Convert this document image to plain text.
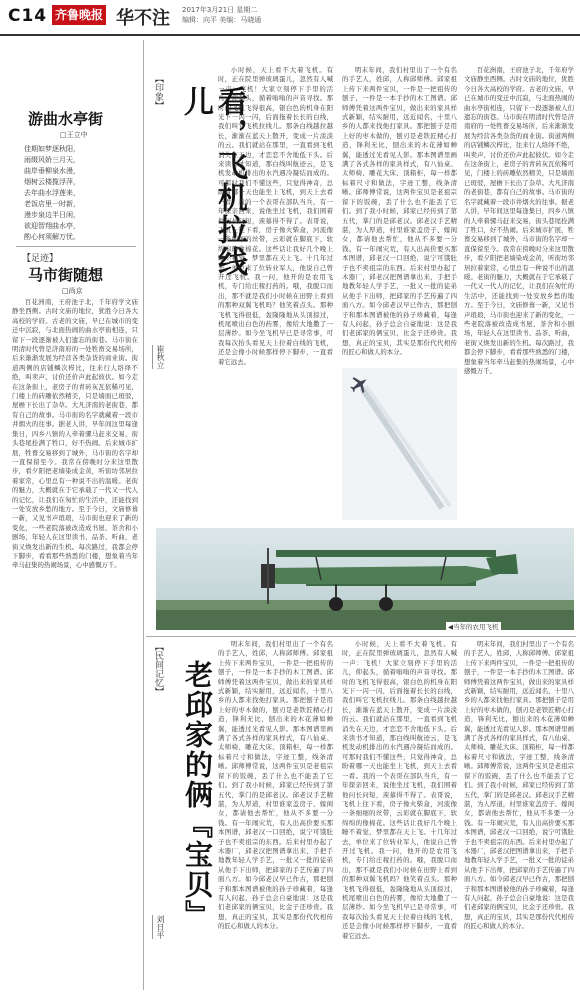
C14 齐鲁晚报 华不注 2017年3月21日 星期二
编辑：向平 美编：马晓通
游曲水亭街
□王立中
佳期如梦逐秋阳，
雨缀风娇三月天，
曲岸垂柳泉水漫，
烟树云楼揽浮萍，
去年曲水浮莲来，
老饭店里一时新，
漫步泉边半日闲，
欲迎智翔曲水亭，
酌心何须解万忧。
【足迹】
马市街随想
□尚京

百花洲南，王府池子北，千年府学文庙静坐西侧。古时文庙的地位，犹胜今日各大高校的学府。古老的文庙，早已在城市的变迁中沉寂，与北面热闹的曲水亭街相连，只留下一段逐渐被人们遗忘的街巷。马市街在明清时代曾是济南府的一处牲畜交易场所，后来渐渐发展为经营各类杂货的商业街。街道两侧的店铺鳞次栉比，往来行人络绎不绝，叫卖声、讨价还价声此起彼伏。如今走在这条街上，老房子的青砖灰瓦依稀可见，门楼上的砖雕依然精美，只是墙面已斑驳，屋檐下长出了杂草。大凡济南的老街巷，都有自己的故事。马市街的名字就藏着一段市井烟火的往事。据老人讲，早年间这里每逢集日，四乡八镇的人牵着骡马赶来交易，街头巷尾拴满了牲口，好不热闹。后来城市扩展，牲畜交易移到了城外，马市街的名字却一直保留至今。我常在傍晚时分来这里散步，看夕阳把老墙染成金黄，听街坊邻居拉着家常，心里总有一种说不出的温暖。老街的魅力，大概就在于它承载了一代又一代人的记忆，让我们在匆忙的生活中，还能找到一处安放乡愁的地方。至于今日，文庙修葺一新，又见书声琅琅，马市街也迎来了新的变化，一些老院落被改造成书屋、茶舍和小剧场，年轻人在这里读书、品茶、听曲，老街又焕发出新的生机。每次路过，我都会停下脚步，看看那些熟悉的门楼，想象着当年牵马赶集的热闹场景，心中感慨万千。

【印象】	看，飞机拉线儿
崔秋立

小时候，天上看不大着飞机。有时，正在院里弹玻璃蛋儿，忽然有人喊一声：飞机！大家立刻停下手里的活儿，仰起头，循着嗡嗡的声音寻找。那时的飞机飞得很高，银白色的机身在阳光下一闪一闪，后面拖着长长的白线，我们叫它飞机拉线儿。那条白线越拉越长，渐渐在蓝天上散开，变成一片淡淡的云。我们就站在那里，一直看到飞机消失在天边，才恋恋不舍地低下头。后来读书才知道，那白线叫航迹云，是飞机发动机排出的水汽遇冷凝结而成的。可那时我们不懂这些，只觉得神奇，总盼着哪一天也能坐上飞机，到天上去看一看。我的一个表哥在部队当兵，有一年探亲回来，说他坐过飞机，我们围着他问长问短，羡慕得不得了。表哥说，飞机上往下看，房子像火柴盒，河流像一条细细的丝带，云彩就在脚底下，软绵绵的像棉花。这些话让我好几个晚上睡不着觉，梦里都在天上飞。十几年过去，单位来了位转业军人，他说自己曾开过飞机。我一问，他开的是农用飞机，专门给庄稼打药的。哦，我脱口而出，那不就是我们小时候在田野上看到的那种双翼飞机吗？他笑着点头。那种飞机飞得很低，轰隆隆地从头顶掠过，机尾喷出白色的药雾，像给大地撒了一层薄纱。如今坐飞机早已是寻常事，可我每次抬头看见天上拉着白线的飞机，还是会像小时候那样停下脚步，一直看着它远去。

明末年间，我们村里出了一个有名的手艺人，姓邱，人称邱师傅。邱家祖上传下来两件宝贝，一件是一把祖传的刨子，一件是一本手抄的木工图谱。邱师傅凭着这两件宝贝，做出来的家具样式新颖，结实耐用，远近闻名，十里八乡的人都来找他打家具。那把刨子是用上好的枣木做的，刨刃是老铁匠精心打造，锋利无比，刨出来的木花薄如蝉翼，能透过光看见人影。那本图谱里画满了各式各样的家具样式，有八仙桌、太师椅、雕花大床、顶箱柜，每一样都标着尺寸和做法，字迹工整，线条清晰。邱师傅常说，这两件宝贝是老祖宗留下的饭碗，丢了什么也不能丢了它们。到了我小时候，邱家已经传到了第五代，掌门的是邱老汉。邱老汉手艺精湛，为人厚道，村里谁家盖房子、嫁闺女，都请他去帮忙，他从不多要一分钱。有一年闹灾荒，有人出高价要买那本图谱，邱老汉一口回绝，说宁可饿肚子也不卖祖宗的东西。后来村里办起了木器厂，邱老汉把图谱拿出来，手把手地教年轻人学手艺，一批又一批的徒弟从他手下出师，把邱家的手艺传遍了四面八方。如今邱老汉早已作古，那把刨子和那本图谱被他的孙子珍藏着，每逢有人问起，孙子总会自豪地说：这是我们老邱家的俩宝贝，比金子还珍贵。我想，真正的宝贝，其实是那份代代相传的匠心和做人的本分。

百花洲南，王府池子北，千年府学文庙静坐西侧。古时文庙的地位，犹胜今日各大高校的学府。古老的文庙，早已在城市的变迁中沉寂，与北面热闹的曲水亭街相连，只留下一段逐渐被人们遗忘的街巷。马市街在明清时代曾是济南府的一处牲畜交易场所，后来渐渐发展为经营各类杂货的商业街。街道两侧的店铺鳞次栉比，往来行人络绎不绝，叫卖声、讨价还价声此起彼伏。如今走在这条街上，老房子的青砖灰瓦依稀可见，门楼上的砖雕依然精美，只是墙面已斑驳，屋檐下长出了杂草。大凡济南的老街巷，都有自己的故事。马市街的名字就藏着一段市井烟火的往事。据老人讲，早年间这里每逢集日，四乡八镇的人牵着骡马赶来交易，街头巷尾拴满了牲口，好不热闹。后来城市扩展，牲畜交易移到了城外，马市街的名字却一直保留至今。我常在傍晚时分来这里散步，看夕阳把老墙染成金黄，听街坊邻居拉着家常，心里总有一种说不出的温暖。老街的魅力，大概就在于它承载了一代又一代人的记忆，让我们在匆忙的生活中，还能找到一处安放乡愁的地方。至于今日，文庙修葺一新，又见书声琅琅，马市街也迎来了新的变化，一些老院落被改造成书屋、茶舍和小剧场，年轻人在这里读书、品茶、听曲，老街又焕发出新的生机。每次路过，我都会停下脚步，看看那些熟悉的门楼，想象着当年牵马赶集的热闹场景，心中感慨万千。

◀当年的农用飞机
【民间记忆】 老邱家的俩『宝贝』
刘日平

明末年间，我们村里出了一个有名的手艺人，姓邱，人称邱师傅。邱家祖上传下来两件宝贝，一件是一把祖传的刨子，一件是一本手抄的木工图谱。邱师傅凭着这两件宝贝，做出来的家具样式新颖，结实耐用，远近闻名，十里八乡的人都来找他打家具。那把刨子是用上好的枣木做的，刨刃是老铁匠精心打造，锋利无比，刨出来的木花薄如蝉翼，能透过光看见人影。那本图谱里画满了各式各样的家具样式，有八仙桌、太师椅、雕花大床、顶箱柜，每一样都标着尺寸和做法，字迹工整，线条清晰。邱师傅常说，这两件宝贝是老祖宗留下的饭碗，丢了什么也不能丢了它们。到了我小时候，邱家已经传到了第五代，掌门的是邱老汉。邱老汉手艺精湛，为人厚道，村里谁家盖房子、嫁闺女，都请他去帮忙，他从不多要一分钱。有一年闹灾荒，有人出高价要买那本图谱，邱老汉一口回绝，说宁可饿肚子也不卖祖宗的东西。后来村里办起了木器厂，邱老汉把图谱拿出来，手把手地教年轻人学手艺，一批又一批的徒弟从他手下出师，把邱家的手艺传遍了四面八方。如今邱老汉早已作古，那把刨子和那本图谱被他的孙子珍藏着，每逢有人问起，孙子总会自豪地说：这是我们老邱家的俩宝贝，比金子还珍贵。我想，真正的宝贝，其实是那份代代相传的匠心和做人的本分。

小时候，天上看不大着飞机。有时，正在院里弹玻璃蛋儿，忽然有人喊一声：飞机！大家立刻停下手里的活儿，仰起头，循着嗡嗡的声音寻找。那时的飞机飞得很高，银白色的机身在阳光下一闪一闪，后面拖着长长的白线，我们叫它飞机拉线儿。那条白线越拉越长，渐渐在蓝天上散开，变成一片淡淡的云。我们就站在那里，一直看到飞机消失在天边，才恋恋不舍地低下头。后来读书才知道，那白线叫航迹云，是飞机发动机排出的水汽遇冷凝结而成的。可那时我们不懂这些，只觉得神奇，总盼着哪一天也能坐上飞机，到天上去看一看。我的一个表哥在部队当兵，有一年探亲回来，说他坐过飞机，我们围着他问长问短，羡慕得不得了。表哥说，飞机上往下看，房子像火柴盒，河流像一条细细的丝带，云彩就在脚底下，软绵绵的像棉花。这些话让我好几个晚上睡不着觉，梦里都在天上飞。十几年过去，单位来了位转业军人，他说自己曾开过飞机。我一问，他开的是农用飞机，专门给庄稼打药的。哦，我脱口而出，那不就是我们小时候在田野上看到的那种双翼飞机吗？他笑着点头。那种飞机飞得很低，轰隆隆地从头顶掠过，机尾喷出白色的药雾，像给大地撒了一层薄纱。如今坐飞机早已是寻常事，可我每次抬头看见天上拉着白线的飞机，还是会像小时候那样停下脚步，一直看着它远去。

明末年间，我们村里出了一个有名的手艺人，姓邱，人称邱师傅。邱家祖上传下来两件宝贝，一件是一把祖传的刨子，一件是一本手抄的木工图谱。邱师傅凭着这两件宝贝，做出来的家具样式新颖，结实耐用，远近闻名，十里八乡的人都来找他打家具。那把刨子是用上好的枣木做的，刨刃是老铁匠精心打造，锋利无比，刨出来的木花薄如蝉翼，能透过光看见人影。那本图谱里画满了各式各样的家具样式，有八仙桌、太师椅、雕花大床、顶箱柜，每一样都标着尺寸和做法，字迹工整，线条清晰。邱师傅常说，这两件宝贝是老祖宗留下的饭碗，丢了什么也不能丢了它们。到了我小时候，邱家已经传到了第五代，掌门的是邱老汉。邱老汉手艺精湛，为人厚道，村里谁家盖房子、嫁闺女，都请他去帮忙，他从不多要一分钱。有一年闹灾荒，有人出高价要买那本图谱，邱老汉一口回绝，说宁可饿肚子也不卖祖宗的东西。后来村里办起了木器厂，邱老汉把图谱拿出来，手把手地教年轻人学手艺，一批又一批的徒弟从他手下出师，把邱家的手艺传遍了四面八方。如今邱老汉早已作古，那把刨子和那本图谱被他的孙子珍藏着，每逢有人问起，孙子总会自豪地说：这是我们老邱家的俩宝贝，比金子还珍贵。我想，真正的宝贝，其实是那份代代相传的匠心和做人的本分。
